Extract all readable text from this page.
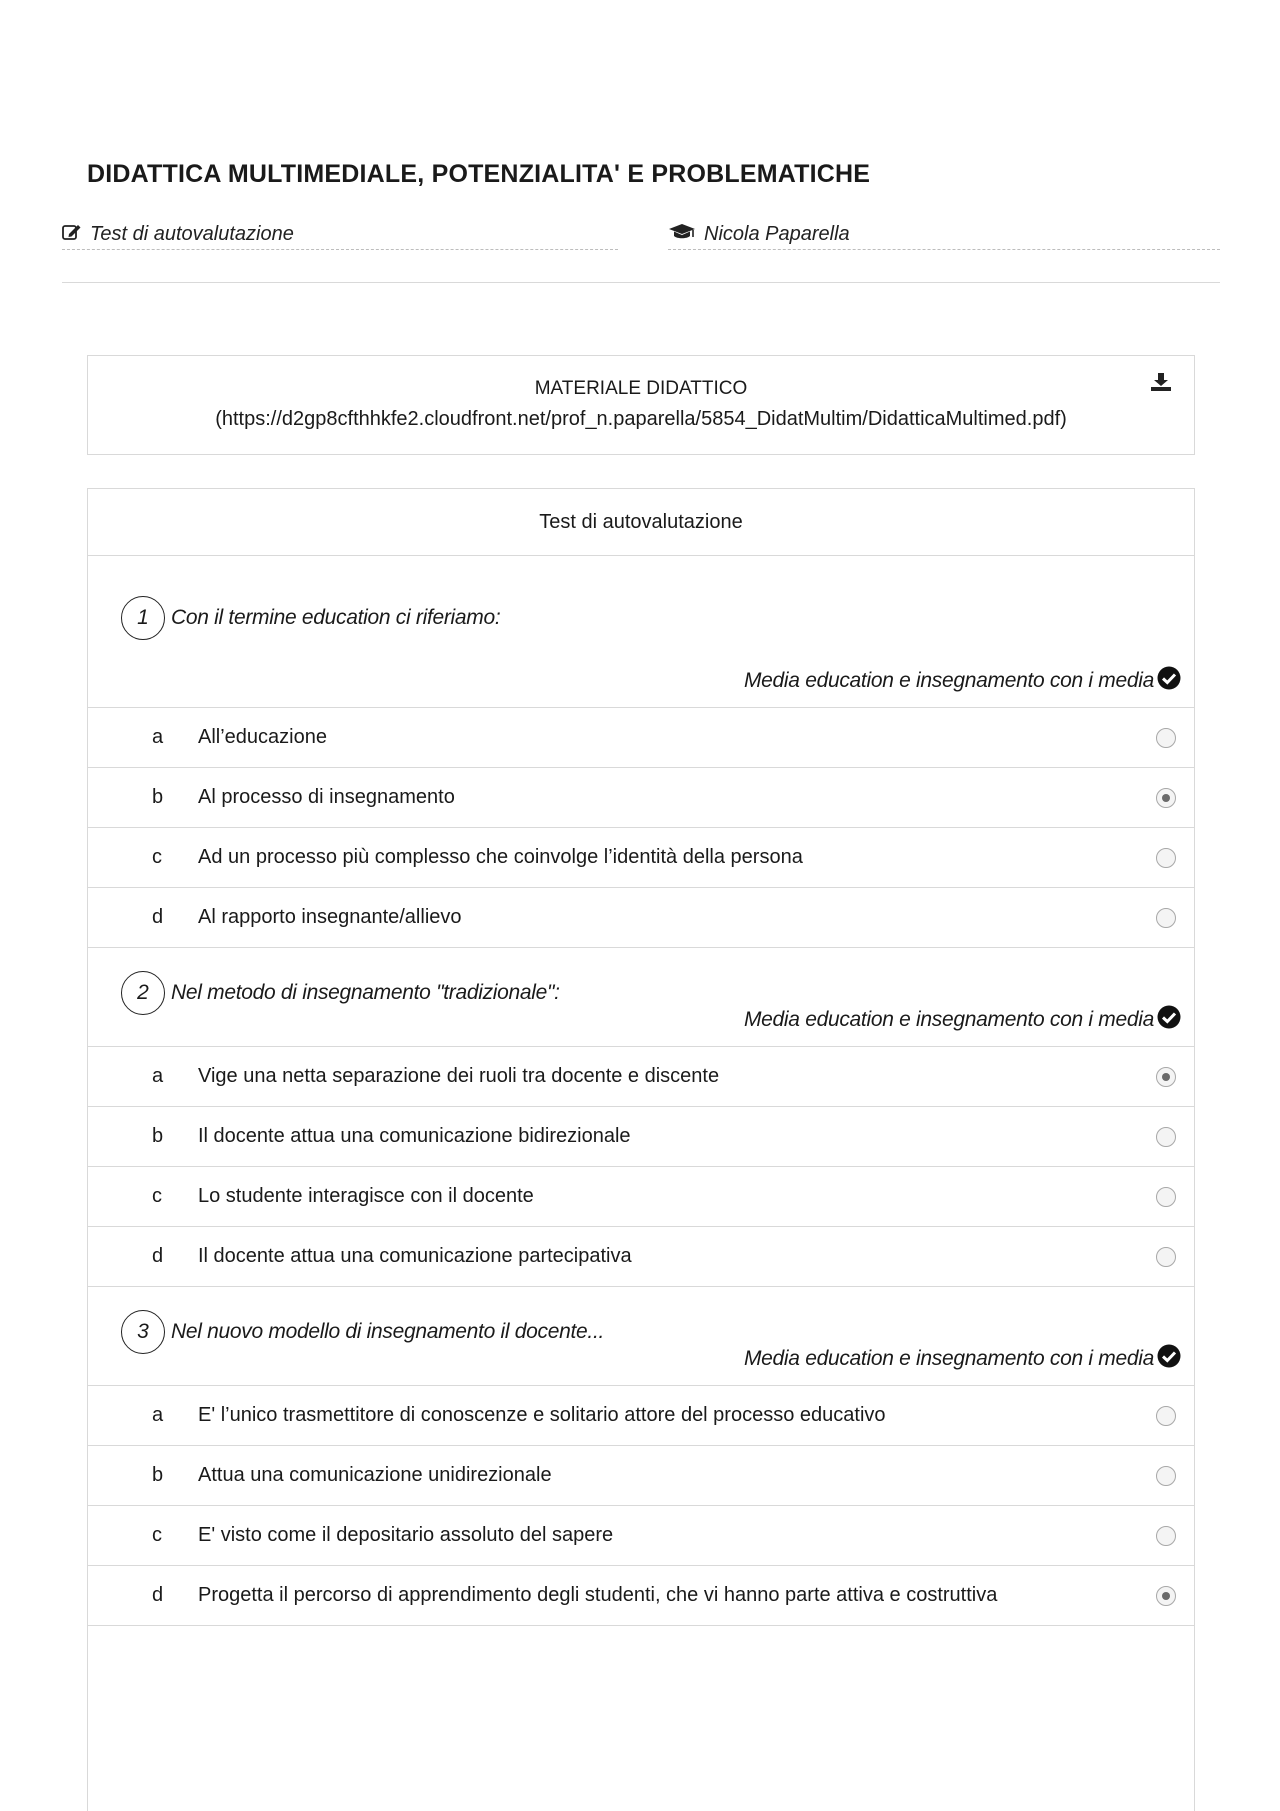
DIDATTICA MULTIMEDIALE, POTENZIALITA' E PROBLEMATICHE
Test di autovalutazione	Nicola Paparella
MATERIALE DIDATTICO
(https://d2gp8cfthhkfe2.cloudfront.net/prof_n.paparella/5854_DidatMultim/DidatticaMultimed.pdf)
Test di autovalutazione
1	Con il termine education ci riferiamo:
Media education e insegnamento con i media
a All’educazione
b Al processo di insegnamento
c Ad un processo più complesso che coinvolge l’identità della persona
d Al rapporto insegnante/allievo
2	Nel metodo di insegnamento "tradizionale":
Media education e insegnamento con i media
a Vige una netta separazione dei ruoli tra docente e discente
b Il docente attua una comunicazione bidirezionale
c Lo studente interagisce con il docente
d Il docente attua una comunicazione partecipativa
3	Nel nuovo modello di insegnamento il docente...
Media education e insegnamento con i media
a E' l’unico trasmettitore di conoscenze e solitario attore del processo educativo
b Attua una comunicazione unidirezionale
c E' visto come il depositario assoluto del sapere
d Progetta il percorso di apprendimento degli studenti, che vi hanno parte attiva e costruttiva
